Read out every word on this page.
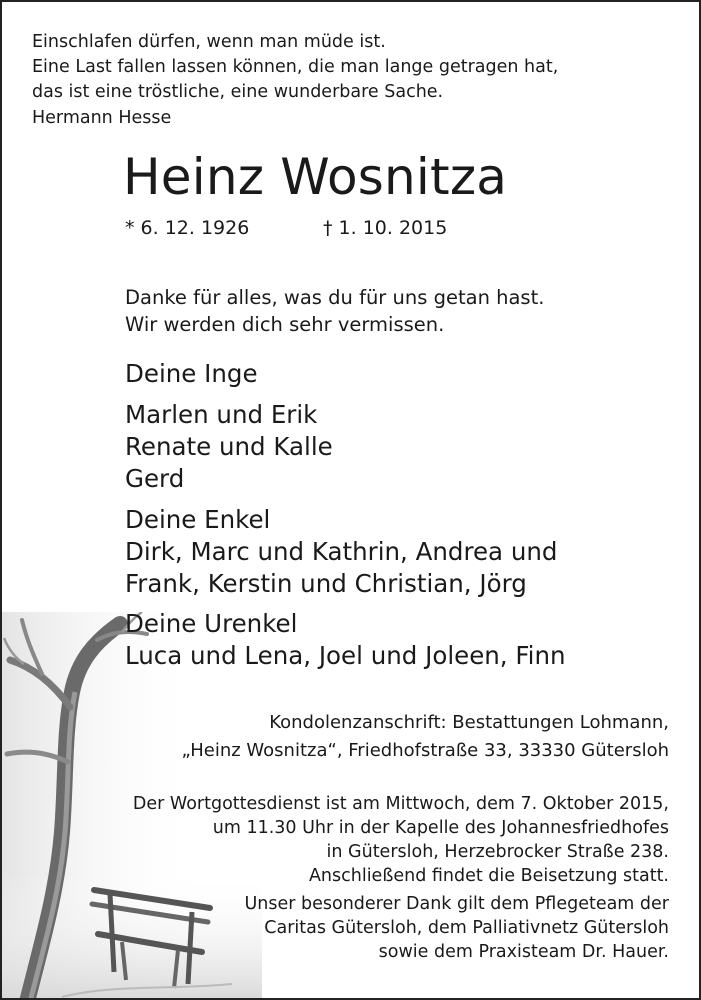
Einschlafen dürfen, wenn man müde ist.
Eine Last fallen lassen können, die man lange getragen hat,
das ist eine tröstliche, eine wunderbare Sache.
Hermann Hesse
Heinz Wosnitza
* 6. 12. 1926	† 1. 10. 2015
Danke für alles, was du für uns getan hast.
Wir werden dich sehr vermissen.
Deine Inge
Marlen und Erik
Renate und Kalle
Gerd
Deine Enkel
Dirk, Marc und Kathrin, Andrea und
Frank, Kerstin und Christian, Jörg
Deine Urenkel
Luca und Lena, Joel und Joleen, Finn
Kondolenzanschrift: Bestattungen Lohmann,
„Heinz Wosnitza“, Friedhofstraße 33, 33330 Gütersloh
Der Wortgottesdienst ist am Mittwoch, dem 7. Oktober 2015,
um 11.30 Uhr in der Kapelle des Johannesfriedhofes
in Gütersloh, Herzebrocker Straße 238.
Anschließend findet die Beisetzung statt.
Unser besonderer Dank gilt dem Pflegeteam der
Caritas Gütersloh, dem Palliativnetz Gütersloh
sowie dem Praxisteam Dr. Hauer.
